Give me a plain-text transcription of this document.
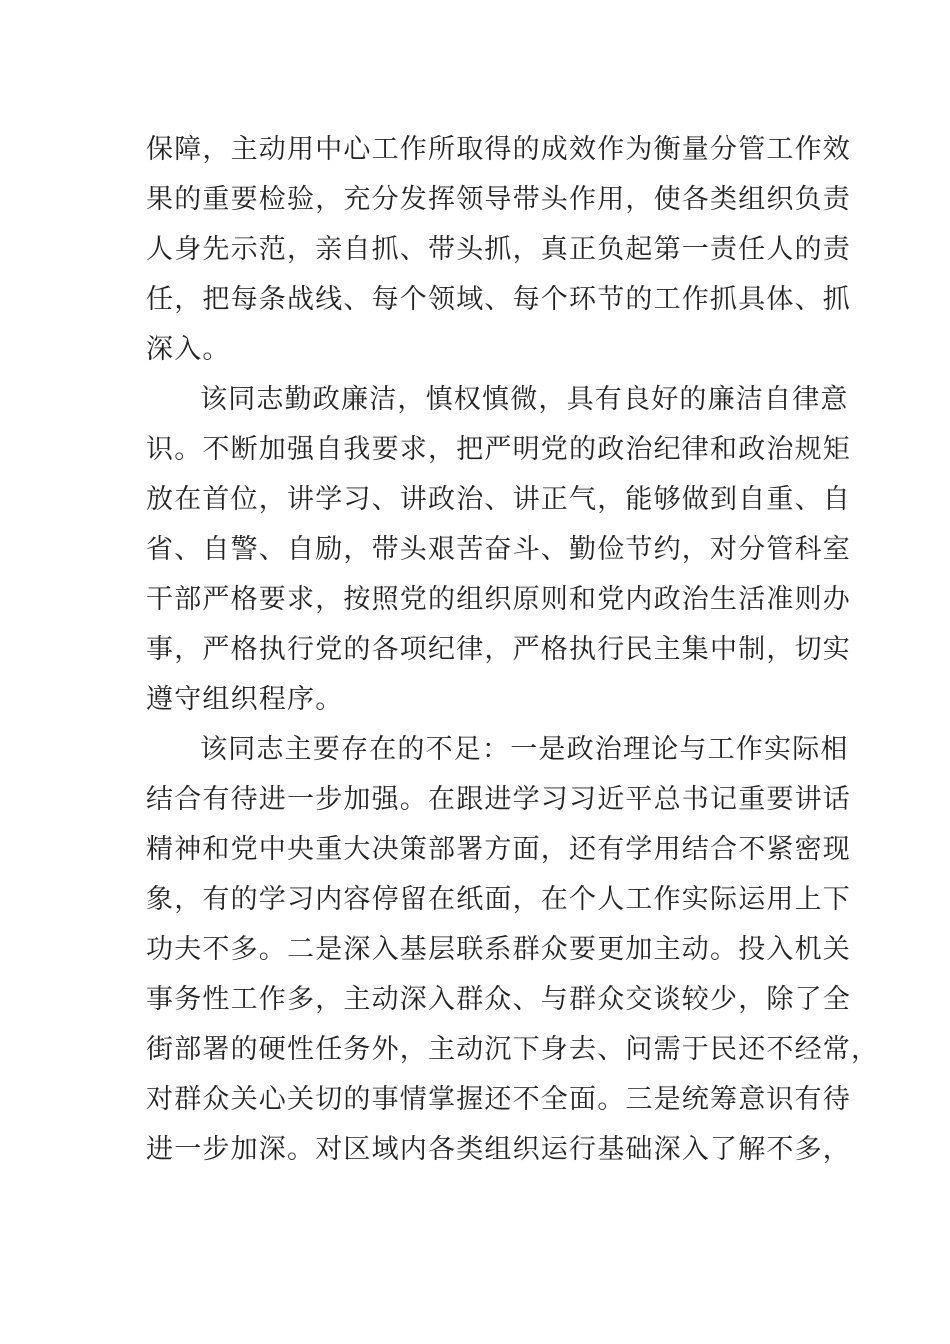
保障，主动用中心工作所取得的成效作为衡量分管工作效
果的重要检验，充分发挥领导带头作用，使各类组织负责
人身先示范，亲自抓、带头抓，真正负起第一责任人的责
任，把每条战线、每个领域、每个环节的工作抓具体、抓
深入。
该同志勤政廉洁，慎权慎微，具有良好的廉洁自律意
识。不断加强自我要求，把严明党的政治纪律和政治规矩
放在首位，讲学习、讲政治、讲正气，能够做到自重、自
省、自警、自励，带头艰苦奋斗、勤俭节约，对分管科室
干部严格要求，按照党的组织原则和党内政治生活准则办
事，严格执行党的各项纪律，严格执行民主集中制，切实
遵守组织程序。
该同志主要存在的不足：一是政治理论与工作实际相
结合有待进一步加强。在跟进学习习近平总书记重要讲话
精神和党中央重大决策部署方面，还有学用结合不紧密现
象，有的学习内容停留在纸面，在个人工作实际运用上下
功夫不多。二是深入基层联系群众要更加主动。投入机关
事务性工作多，主动深入群众、与群众交谈较少，除了全
街部署的硬性任务外，主动沉下身去、问需于民还不经常，
对群众关心关切的事情掌握还不全面。三是统筹意识有待
进一步加深。对区域内各类组织运行基础深入了解不多，
